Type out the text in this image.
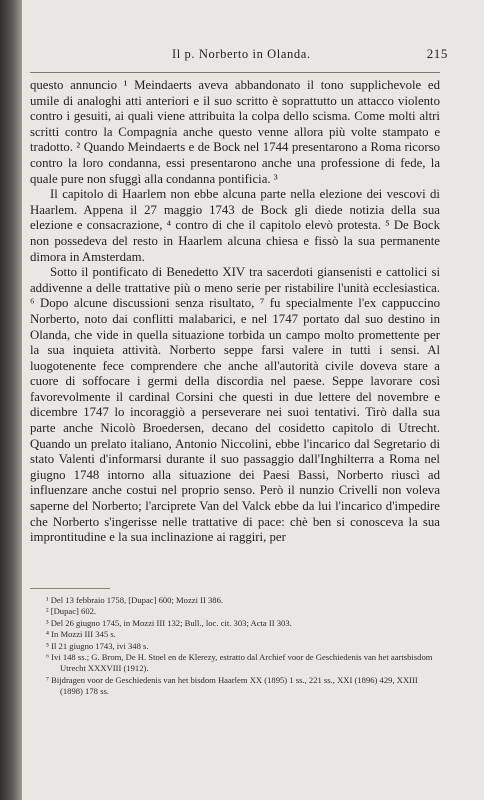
Il p. Norberto in Olanda.	215

questo annuncio ¹ Meindaerts aveva abbandonato il tono supplichevole ed umile di analoghi atti anteriori e il suo scritto è soprattutto un attacco violento contro i gesuiti, ai quali viene attribuita la colpa dello scisma. Come molti altri scritti contro la Compagnia anche questo venne allora più volte stampato e tradotto. ² Quando Meindaerts e de Bock nel 1744 presentarono a Roma ricorso contro la loro condanna, essi presentarono anche una professione di fede, la quale pure non sfuggì alla condanna pontificia. ³

Il capitolo di Haarlem non ebbe alcuna parte nella elezione dei vescovi di Haarlem. Appena il 27 maggio 1743 de Bock gli diede notizia della sua elezione e consacrazione, ⁴ contro di che il capitolo elevò protesta. ⁵ De Bock non possedeva del resto in Haarlem alcuna chiesa e fissò la sua permanente dimora in Amsterdam.

Sotto il pontificato di Benedetto XIV tra sacerdoti giansenisti e cattolici si addivenne a delle trattative più o meno serie per ristabilire l'unità ecclesiastica. ⁶ Dopo alcune discussioni senza risultato, ⁷ fu specialmente l'ex cappuccino Norberto, noto dai conflitti malabarici, e nel 1747 portato dal suo destino in Olanda, che vide in quella situazione torbida un campo molto promettente per la sua inquieta attività. Norberto seppe farsi valere in tutti i sensi. Al luogotenente fece comprendere che anche all'autorità civile doveva stare a cuore di soffocare i germi della discordia nel paese. Seppe lavorare così favorevolmente il cardinal Corsini che questi in due lettere del novembre e dicembre 1747 lo incoraggiò a perseverare nei suoi tentativi. Tirò dalla sua parte anche Nicolò Broedersen, decano del cosidetto capitolo di Utrecht. Quando un prelato italiano, Antonio Niccolini, ebbe l'incarico dal Segretario di stato Valenti d'informarsi durante il suo passaggio dall'Inghilterra a Roma nel giugno 1748 intorno alla situazione dei Paesi Bassi, Norberto riuscì ad influenzare anche costui nel proprio senso. Però il nunzio Crivelli non voleva saperne del Norberto; l'arciprete Van del Valck ebbe da lui l'incarico d'impedire che Norberto s'ingerisse nelle trattative di pace: chè ben si conosceva la sua improntitudine e la sua inclinazione ai raggiri, per

¹ Del 13 febbraio 1758, [Dupac] 600; Mozzi II 386.
² [Dupac] 602.
³ Del 26 giugno 1745, in Mozzi III 132; Bull., loc. cit. 303; Acta II 303.
⁴ In Mozzi III 345 s.
⁵ Il 21 giugno 1743, ivi 348 s.
⁶ Ivi 148 ss.; G. Brom, De H. Stoel en de Klerezy, estratto dal Archief voor de Geschiedenis van het aartsbisdom Utrecht XXXVIII (1912).
⁷ Bijdragen voor de Geschiedenis van het bisdom Haarlem XX (1895) 1 ss., 221 ss., XXI (1896) 429, XXIII (1898) 178 ss.
